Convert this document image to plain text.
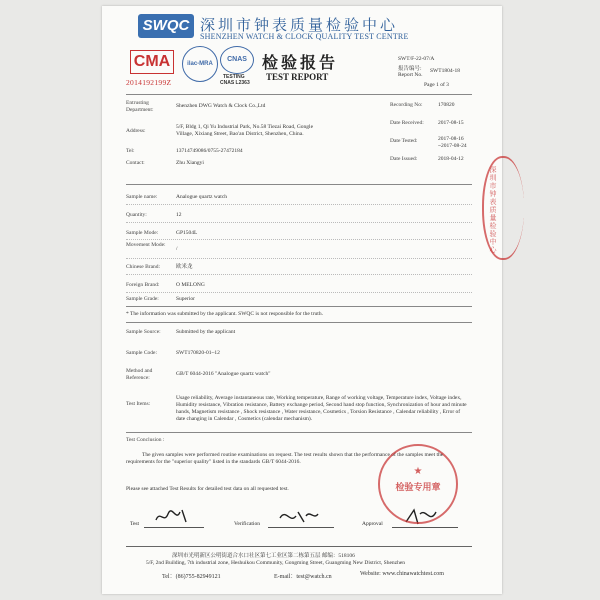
SWQC 深圳市钟表质量检验中心
SHENZHEN WATCH & CLOCK QUALITY TEST CENTRE
CMA
2014192199Z
ilac-MRA
CNAS
TESTING
CNAS L2363
检验报告
TEST REPORT
SWT/F-22-07/A
报告编号:
Report No.
SWT1804-18
Page 1 of 3
Entrusting Department:
Shenzhen DWG Watch & Clock Co.,Ltd
Address:
5/F, Bldg 1, Qi Yu Industrial Park, No.58 Tiezai Road, Gongle
Village, Xixiang Street, Bao'an District, Shenzhen, China.
Tel:	13714749086/0755-27472184
Contact:	Zhu Xiangyi
Recording No:	170820
Date Received:	2017-08-15
Date Tested:	2017-08-16
~2017-08-24
Date Issued:	2018-04-12
Sample name:	Analogue quartz watch
Quantity:	12
Sample Mode:	GP1504L
Movement Mode:
/
Chinese Brand:	欧米龙
Foreign Brand:	O MELONG
Sample Grade:	Superior
* The information was submitted by the applicant. SWQC is not responsible for the truth.
Sample Source:	Submitted by the applicant
Sample Code:	SWT170820-01~12
Method and Reference:
GB/T 6044-2016 "Analogue quartz watch"
Test Items:
Usage reliability, Average instantaneous rate, Working temperature, Range of working voltage, Temperature index, Voltage index, Humidity resistance, Vibration resistance, Battery exchange period, Second hand stop function, Synchronization of hour and minute hands, Magnetism resistance , Shock resistance , Water resistance, Cosmetics , Torsion Resistance , Calendar reliability , Error of date changing in Calendar , Cosmetics (calendar mechanism).
Test Conclusion :
The given samples were performed routine examinations on request. The test results shown that the performance of the samples meet the requirements for the "superior quality" listed in the standards GB/T 6044-2016.
Please see attached Test Results for detailed test data on all requested test.
Test	Verification	Approval
★
检验专用章
深圳市钟表质量检验中心
深圳市光明新区公明街道合水口社区第七工业区第二栋第五层 邮编：518106
5/F, 2nd Building, 7th industrial zone, Heshuikou Community, Gongming Street, Guangming New District, Shenzhen
Tel：(86)755-82949121	E-mail：test@watch.cn	Website: www.chinawatchtest.com
